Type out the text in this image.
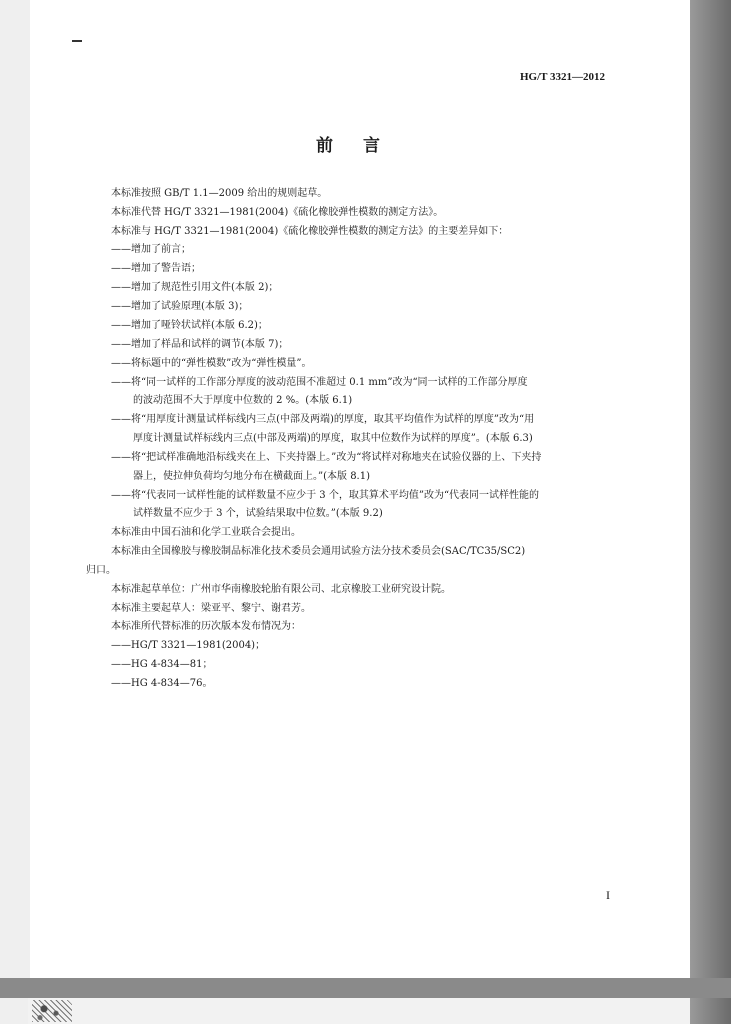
HG/T 3321—2012
前言
本标准按照 GB/T 1.1—2009 给出的规则起草。
本标准代替 HG/T 3321—1981(2004)《硫化橡胶弹性模数的测定方法》。
本标准与 HG/T 3321—1981(2004)《硫化橡胶弹性模数的测定方法》的主要差异如下：
——增加了前言；
——增加了警告语；
——增加了规范性引用文件(本版 2)；
——增加了试验原理(本版 3)；
——增加了哑铃状试样(本版 6.2)；
——增加了样品和试样的调节(本版 7)；
——将标题中的“弹性模数”改为“弹性模量”。
——将“同一试样的工作部分厚度的波动范围不准超过 0.1 mm”改为“同一试样的工作部分厚度
的波动范围不大于厚度中位数的 2 %。(本版 6.1)
——将“用厚度计测量试样标线内三点(中部及两端)的厚度，取其平均值作为试样的厚度”改为“用
厚度计测量试样标线内三点(中部及两端)的厚度，取其中位数作为试样的厚度”。(本版 6.3)
——将“把试样准确地沿标线夹在上、下夹持器上。”改为“将试样对称地夹在试验仪器的上、下夹持
器上，使拉伸负荷均匀地分布在横截面上。”(本版 8.1)
——将“代表同一试样性能的试样数量不应少于 3 个，取其算术平均值”改为“代表同一试样性能的
试样数量不应少于 3 个，试验结果取中位数。”(本版 9.2)
本标准由中国石油和化学工业联合会提出。
本标准由全国橡胶与橡胶制品标准化技术委员会通用试验方法分技术委员会(SAC/TC35/SC2)
归口。
本标准起草单位：广州市华南橡胶轮胎有限公司、北京橡胶工业研究设计院。
本标准主要起草人：梁亚平、黎宁、谢君芳。
本标准所代替标准的历次版本发布情况为：
——HG/T 3321—1981(2004)；
——HG 4-834—81；
——HG 4-834—76。
I
